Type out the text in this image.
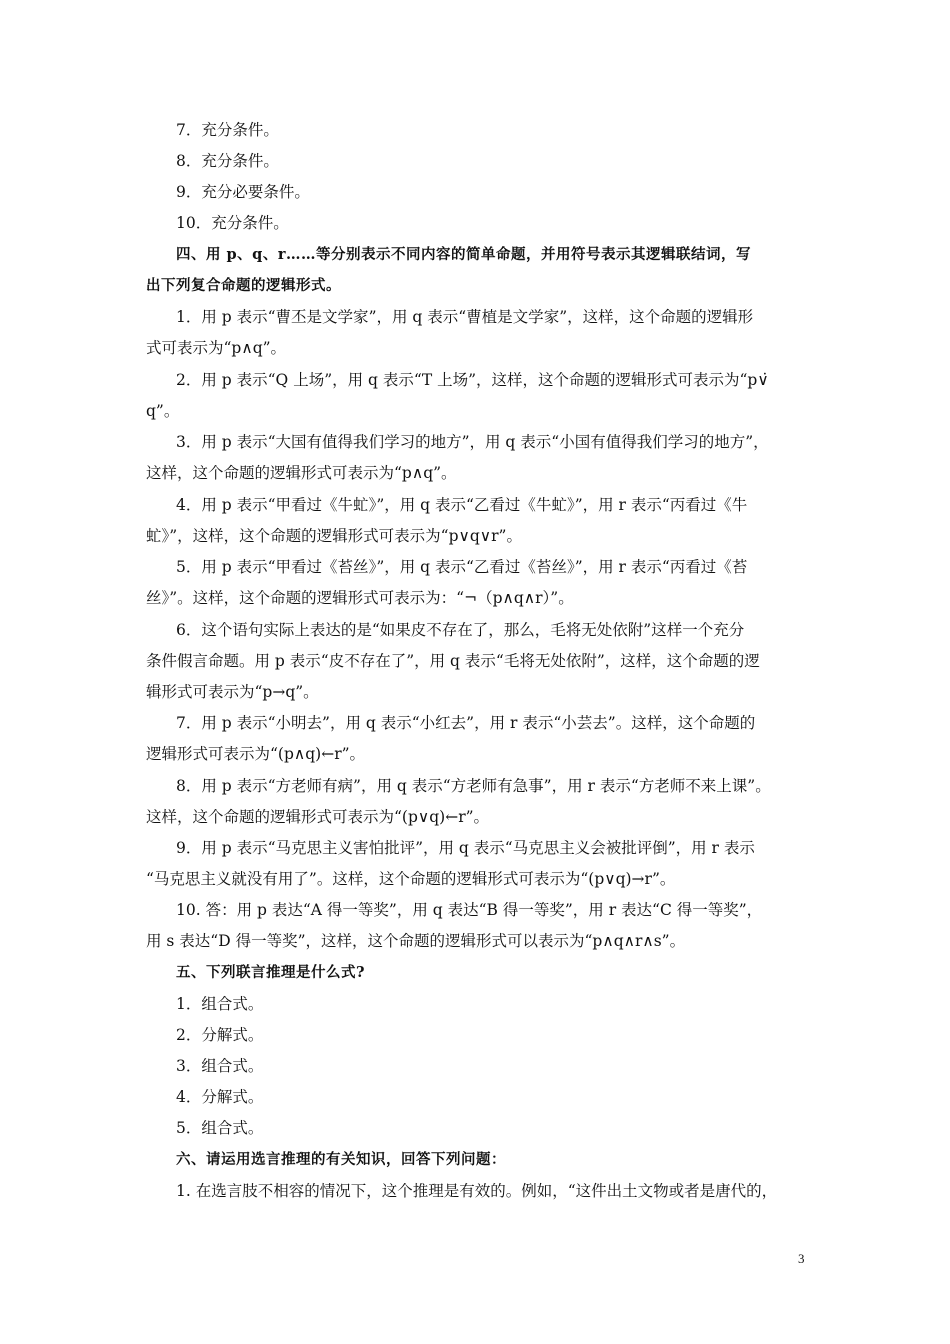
7．充分条件。
8．充分条件。
9．充分必要条件。
10．充分条件。
四、用 p、q、r……等分别表示不同内容的简单命题，并用符号表示其逻辑联结词，写
出下列复合命题的逻辑形式。
1．用 p 表示“曹丕是文学家”，用 q 表示“曹植是文学家”，这样，这个命题的逻辑形
式可表示为“p∧q”。
2．用 p 表示“Q 上场”，用 q 表示“T 上场”，这样，这个命题的逻辑形式可表示为“p∨̇
q”。
3．用 p 表示“大国有值得我们学习的地方”，用 q 表示“小国有值得我们学习的地方”，
这样，这个命题的逻辑形式可表示为“p∧q”。
4．用 p 表示“甲看过《牛虻》”，用 q 表示“乙看过《牛虻》”，用 r 表示“丙看过《牛
虻》”，这样，这个命题的逻辑形式可表示为“p∨q∨r”。
5．用 p 表示“甲看过《苔丝》”，用 q 表示“乙看过《苔丝》”，用 r 表示“丙看过《苔
丝》”。这样，这个命题的逻辑形式可表示为：“¬（p∧q∧r）”。
6．这个语句实际上表达的是“如果皮不存在了，那么，毛将无处依附”这样一个充分
条件假言命题。用 p 表示“皮不存在了”，用 q 表示“毛将无处依附”，这样，这个命题的逻
辑形式可表示为“p→q”。
7．用 p 表示“小明去”，用 q 表示“小红去”，用 r 表示“小芸去”。这样，这个命题的
逻辑形式可表示为“(p∧q)←r”。
8．用 p 表示“方老师有病”，用 q 表示“方老师有急事”，用 r 表示“方老师不来上课”。
这样，这个命题的逻辑形式可表示为“(p∨q)←r”。
9．用 p 表示“马克思主义害怕批评”，用 q 表示“马克思主义会被批评倒”，用 r 表示
“马克思主义就没有用了”。这样，这个命题的逻辑形式可表示为“(p∨q)→r”。
10. 答：用 p 表达“A 得一等奖”，用 q 表达“B 得一等奖”，用 r 表达“C 得一等奖”，
用 s 表达“D 得一等奖”，这样，这个命题的逻辑形式可以表示为“p∧q∧r∧s”。
五、下列联言推理是什么式?
1．组合式。
2．分解式。
3．组合式。
4．分解式。
5．组合式。
六、请运用选言推理的有关知识，回答下列问题：
1. 在选言肢不相容的情况下，这个推理是有效的。例如，“这件出土文物或者是唐代的，
3
